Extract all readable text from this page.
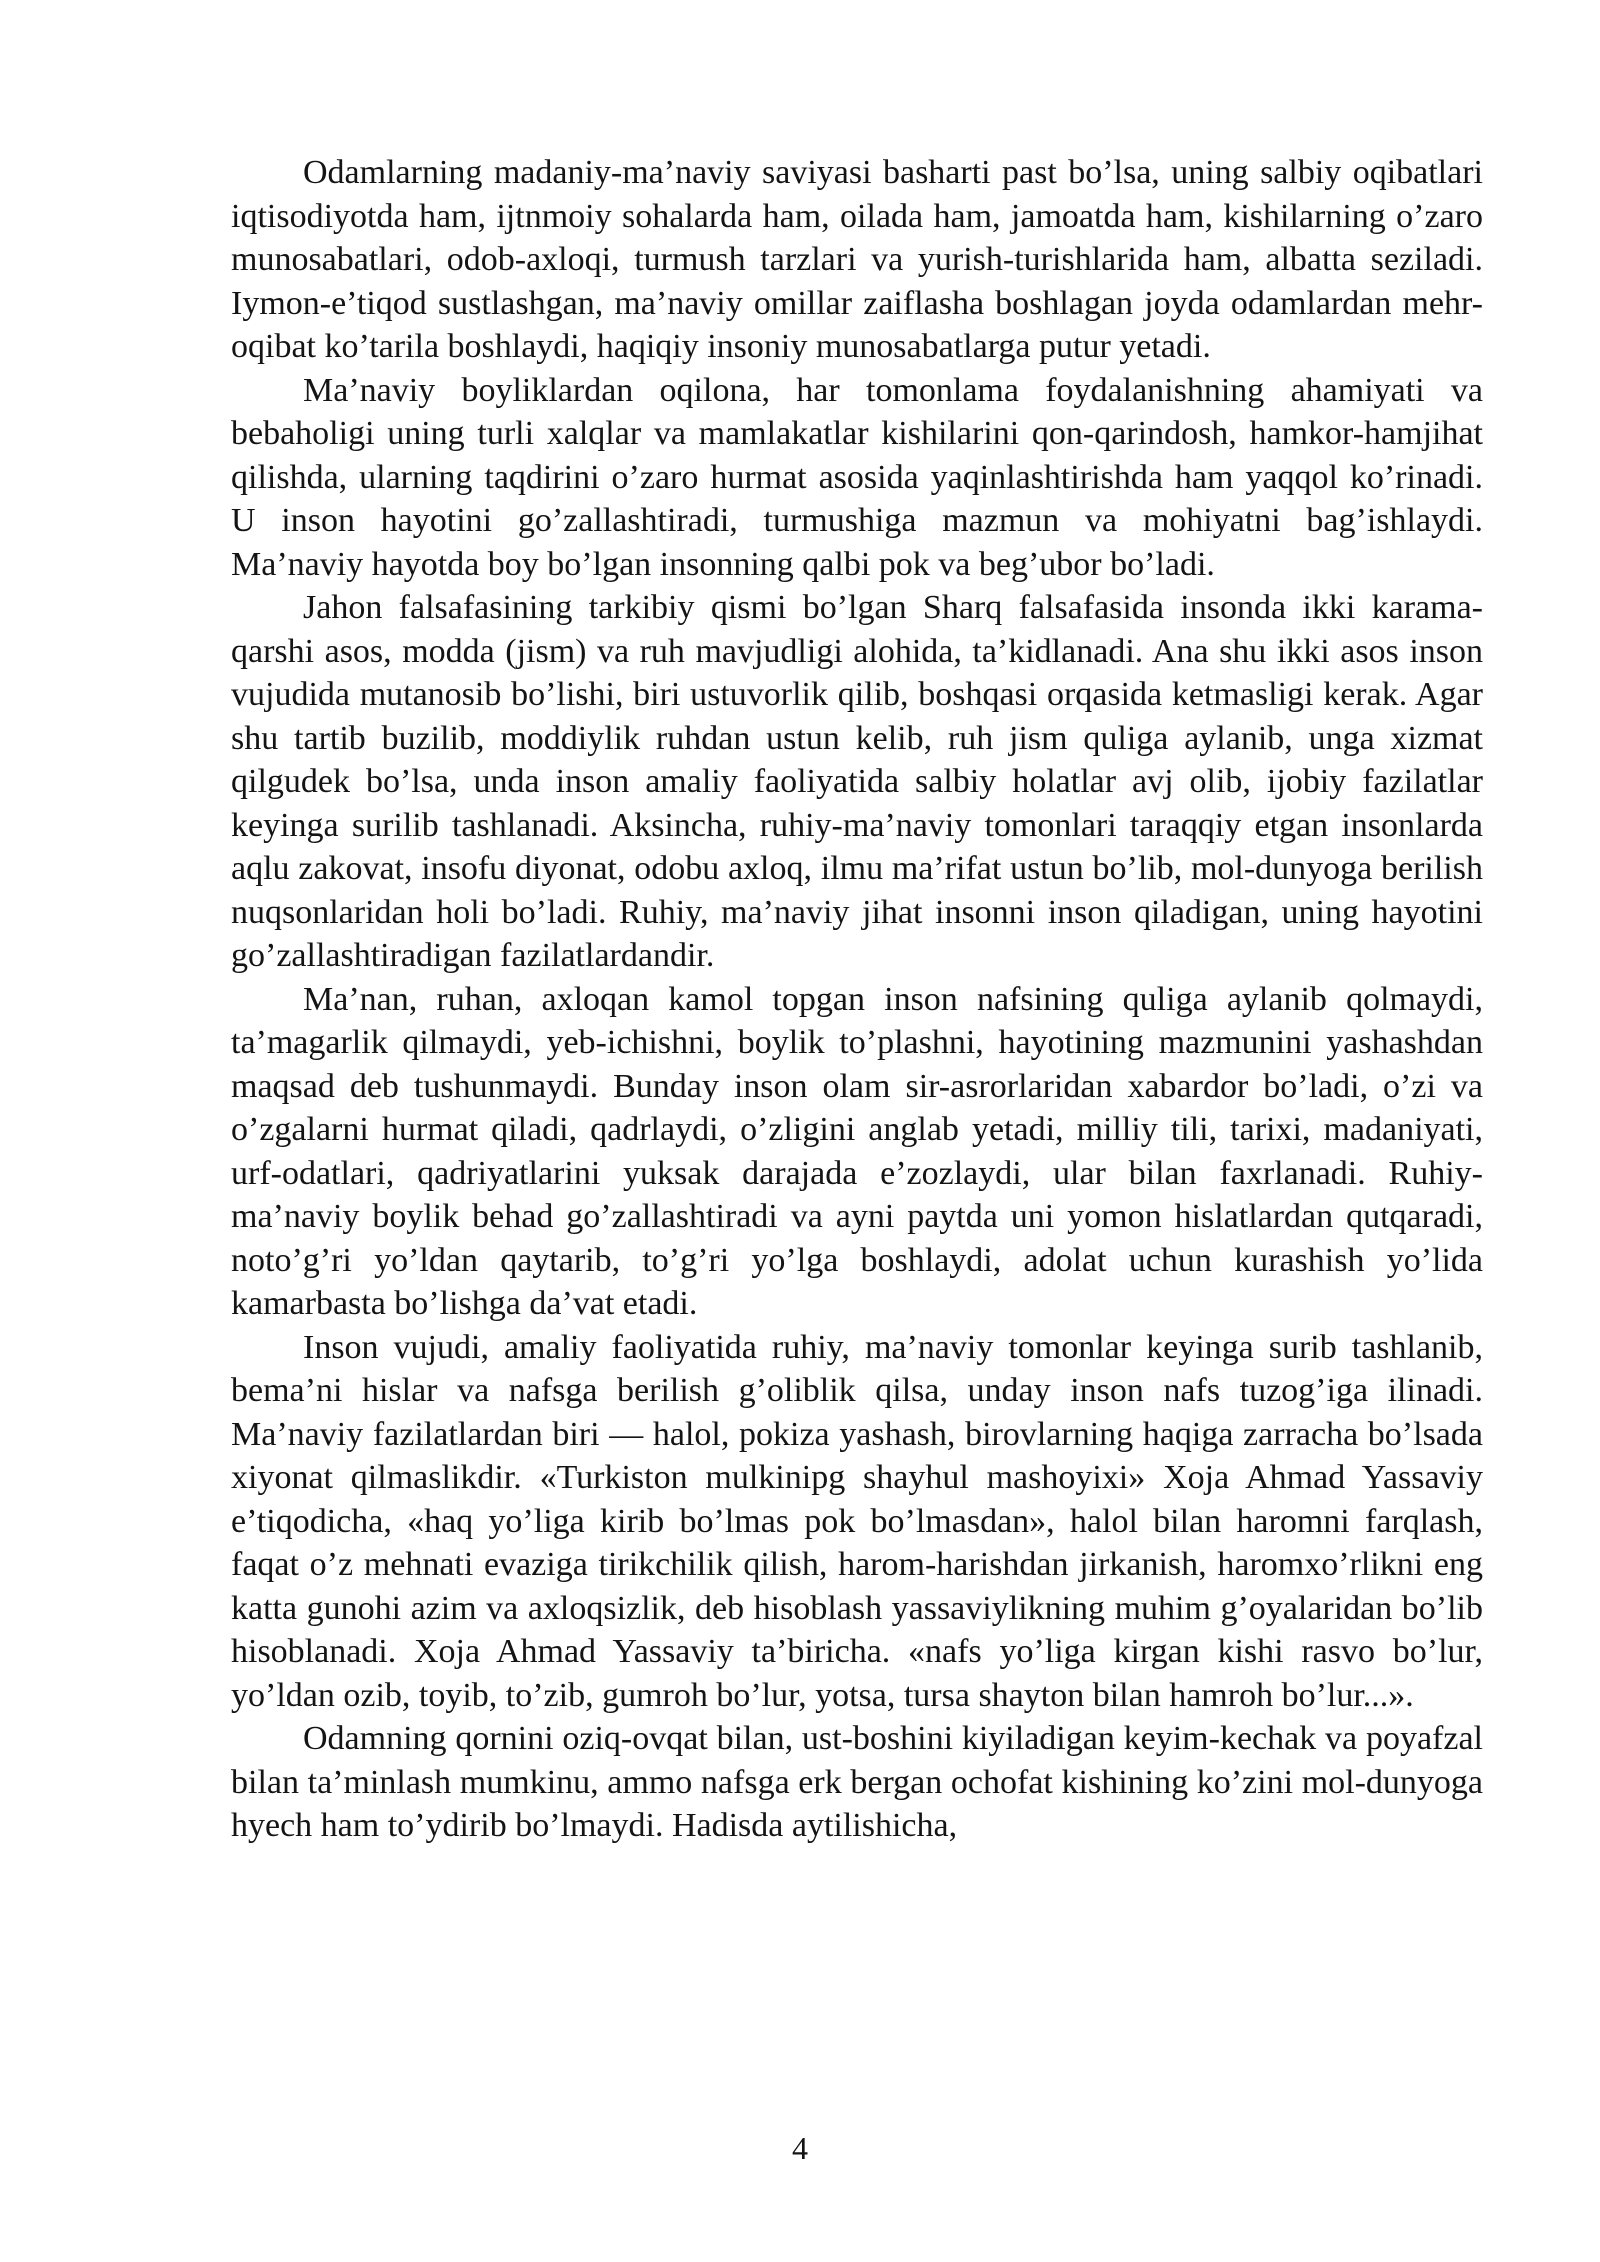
Odamlarning madaniy-ma’naviy saviyasi basharti past bo’lsa, uning salbiy oqibatlari iqtisodiyotda ham, ijtnmoiy sohalarda ham, oilada ham, jamoatda ham, kishilarning o’zaro munosabatlari, odob-axloqi, turmush tarzlari va yurish-turishlarida ham, albatta seziladi. Iymon-e’tiqod sustlashgan, ma’naviy omillar zaiflasha boshlagan joyda odamlardan mehr-oqibat ko’tarila boshlaydi, haqiqiy insoniy munosabatlarga putur yetadi.

Ma’naviy boyliklardan oqilona, har tomonlama foydalanishning ahamiyati va bebaholigi uning turli xalqlar va mamlakatlar kishilarini qon-qarindosh, hamkor-hamjihat qilishda, ularning taqdirini o’zaro hurmat asosida yaqinlashtirishda ham yaqqol ko’rinadi. U inson hayotini go’zallashtiradi, turmushiga mazmun va mohiyatni bag’ishlaydi. Ma’naviy hayotda boy bo’lgan insonning qalbi pok va beg’ubor bo’ladi.

Jahon falsafasining tarkibiy qismi bo’lgan Sharq falsafasida insonda ikki karama-qarshi asos, modda (jism) va ruh mavjudligi alohida, ta’kidlanadi. Ana shu ikki asos inson vujudida mutanosib bo’lishi, biri ustuvorlik qilib, boshqasi orqasida ketmasligi kerak. Agar shu tartib buzilib, moddiylik ruhdan ustun kelib, ruh jism quliga aylanib, unga xizmat qilgudek bo’lsa, unda inson amaliy faoliyatida salbiy holatlar avj olib, ijobiy fazilatlar keyinga surilib tashlanadi. Aksincha, ruhiy-ma’naviy tomonlari taraqqiy etgan insonlarda aqlu zakovat, insofu diyonat, odobu axloq, ilmu ma’rifat ustun bo’lib, mol-dunyoga berilish nuqsonlaridan holi bo’ladi. Ruhiy, ma’naviy jihat insonni inson qiladigan, uning hayotini go’zallashtiradigan fazilatlardandir.

Ma’nan, ruhan, axloqan kamol topgan inson nafsining quliga aylanib qolmaydi, ta’magarlik qilmaydi, yeb-ichishni, boylik to’plashni, hayotining mazmunini yashashdan maqsad deb tushunmaydi. Bunday inson olam sir-asrorlaridan xabardor bo’ladi, o’zi va o’zgalarni hurmat qiladi, qadrlaydi, o’zligini anglab yetadi, milliy tili, tarixi, madaniyati, urf-odatlari, qadriyatlarini yuksak darajada e’zozlaydi, ular bilan faxrlanadi. Ruhiy-ma’naviy boylik behad go’zallashtiradi va ayni paytda uni yomon hislatlardan qutqaradi, noto’g’ri yo’ldan qaytarib, to’g’ri yo’lga boshlaydi, adolat uchun kurashish yo’lida kamarbasta bo’lishga da’vat etadi.

Inson vujudi, amaliy faoliyatida ruhiy, ma’naviy tomonlar keyinga surib tashlanib, bema’ni hislar va nafsga berilish g’oliblik qilsa, unday inson nafs tuzog’iga ilinadi. Ma’naviy fazilatlardan biri — halol, pokiza yashash, birovlarning haqiga zarracha bo’lsada xiyonat qilmaslikdir. «Turkiston mulkinipg shayhul mashoyixi» Xoja Ahmad Yassaviy e’tiqodicha, «haq yo’liga kirib bo’lmas pok bo’lmasdan», halol bilan haromni farqlash, faqat o’z mehnati evaziga tirikchilik qilish, harom-harishdan jirkanish, haromxo’rlikni eng katta gunohi azim va axloqsizlik, deb hisoblash yassaviylikning muhim g’oyalaridan bo’lib hisoblanadi. Xoja Ahmad Yassaviy ta’biricha. «nafs yo’liga kirgan kishi rasvo bo’lur, yo’ldan ozib, toyib, to’zib, gumroh bo’lur, yotsa, tursa shayton bilan hamroh bo’lur...».

Odamning qornini oziq-ovqat bilan, ust-boshini kiyiladigan keyim-kechak va poyafzal bilan ta’minlash mumkinu, ammo nafsga erk bergan ochofat kishining ko’zini mol-dunyoga hyech ham to’ydirib bo’lmaydi. Hadisda aytilishicha,

4
